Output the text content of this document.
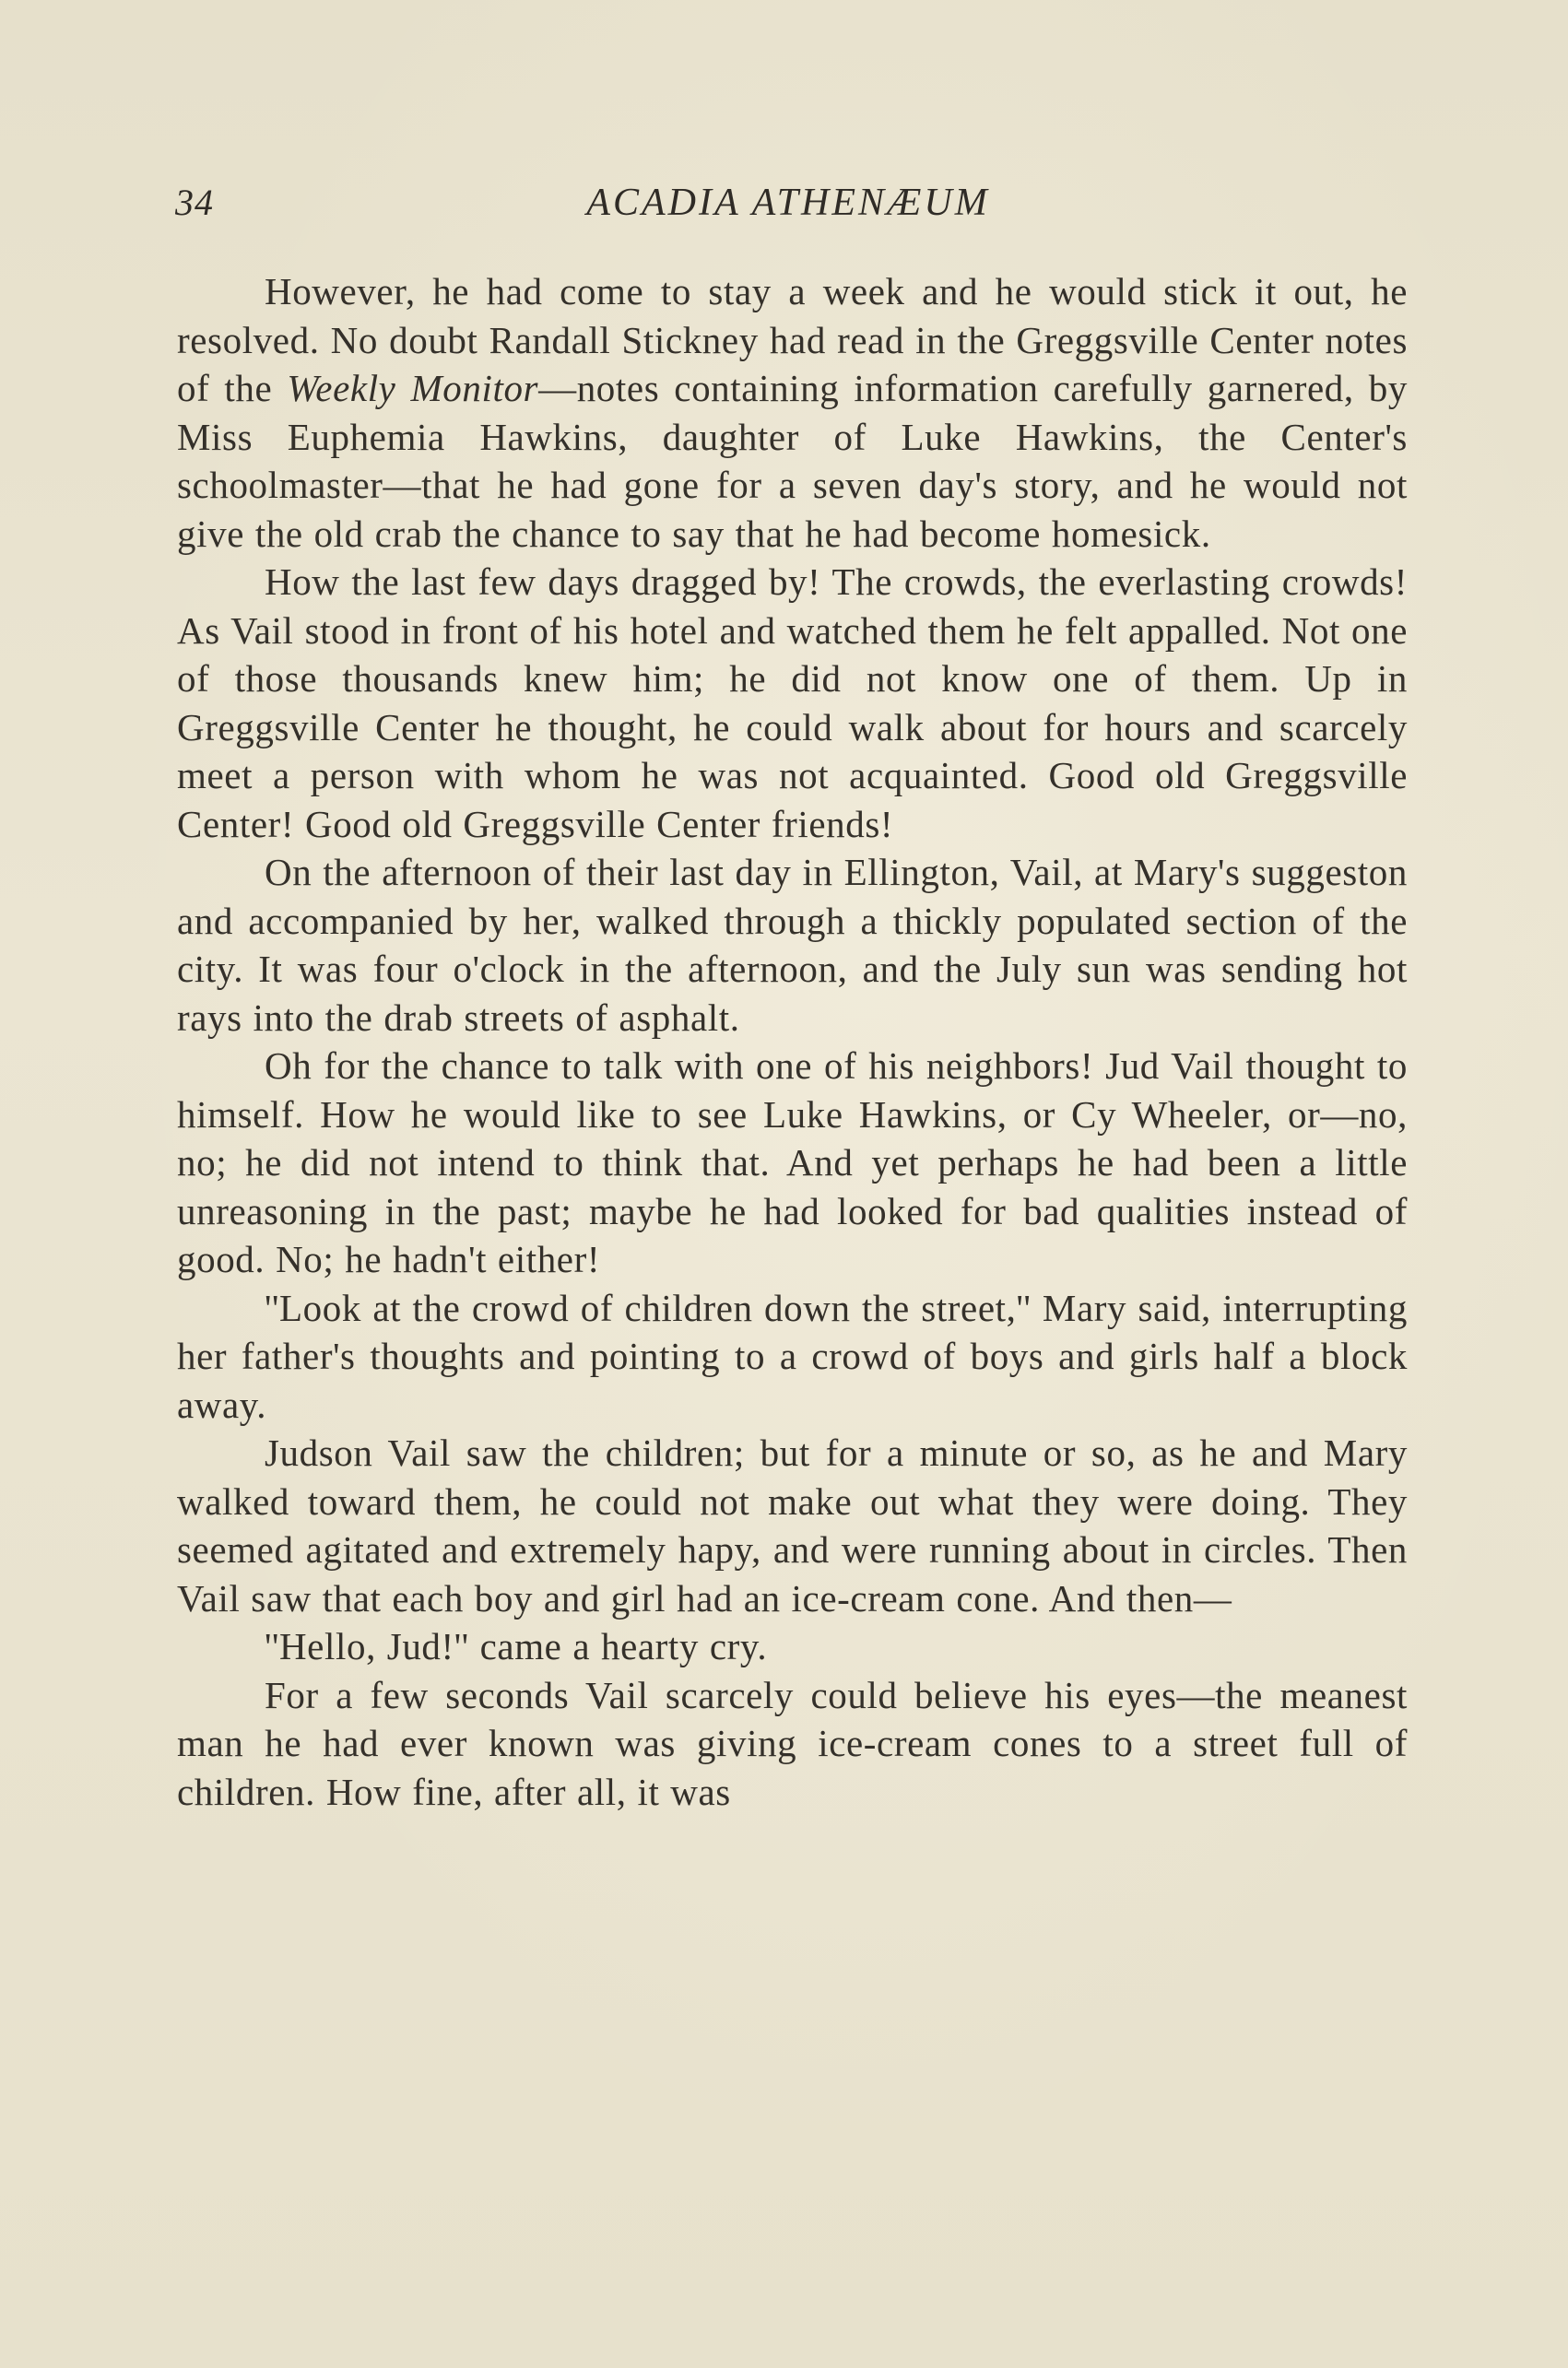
34	ACADIA ATHENÆUM

However, he had come to stay a week and he would stick it out, he resolved. No doubt Randall Stickney had read in the Greggsville Center notes of the Weekly Monitor—notes containing information carefully garnered, by Miss Euphemia Hawkins, daughter of Luke Hawkins, the Center's schoolmaster—that he had gone for a seven day's story, and he would not give the old crab the chance to say that he had become homesick.

How the last few days dragged by! The crowds, the everlasting crowds! As Vail stood in front of his hotel and watched them he felt appalled. Not one of those thousands knew him; he did not know one of them. Up in Greggsville Center he thought, he could walk about for hours and scarcely meet a person with whom he was not acquainted. Good old Greggsville Center! Good old Greggsville Center friends!

On the afternoon of their last day in Ellington, Vail, at Mary's suggeston and accompanied by her, walked through a thickly populated section of the city. It was four o'clock in the afternoon, and the July sun was sending hot rays into the drab streets of asphalt.

Oh for the chance to talk with one of his neighbors! Jud Vail thought to himself. How he would like to see Luke Hawkins, or Cy Wheeler, or—no, no; he did not intend to think that. And yet perhaps he had been a little unreasoning in the past; maybe he had looked for bad qualities instead of good. No; he hadn't either!

''Look at the crowd of children down the street,'' Mary said, interrupting her father's thoughts and pointing to a crowd of boys and girls half a block away.

Judson Vail saw the children; but for a minute or so, as he and Mary walked toward them, he could not make out what they were doing. They seemed agitated and extremely hapy, and were running about in circles. Then Vail saw that each boy and girl had an ice-cream cone. And then—

''Hello, Jud!'' came a hearty cry.

For a few seconds Vail scarcely could believe his eyes—the meanest man he had ever known was giving ice-cream cones to a street full of children. How fine, after all, it was
